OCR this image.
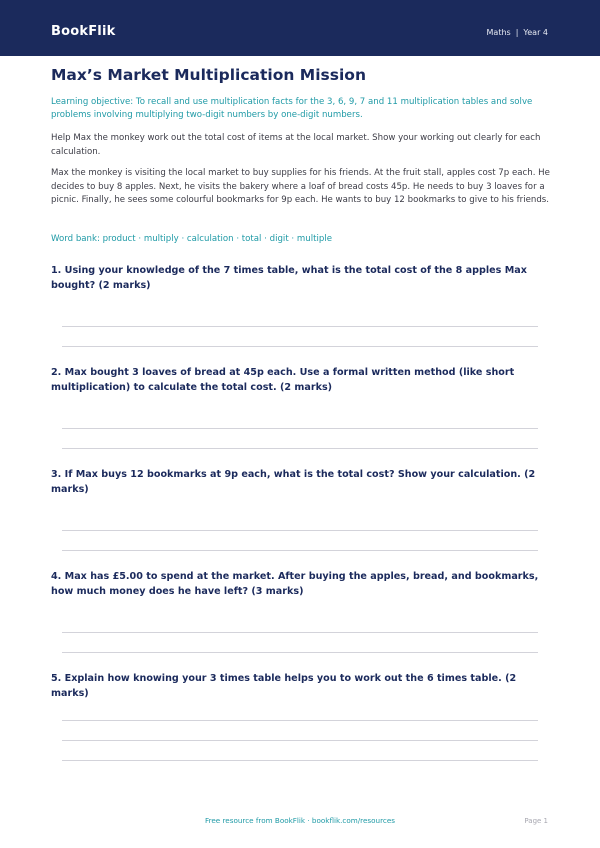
BookFlik	Maths | Year 4
Max’s Market Multiplication Mission

Learning objective: To recall and use multiplication facts for the 3, 6, 9, 7 and 11 multiplication tables and solve problems involving multiplying two-digit numbers by one-digit numbers.

Help Max the monkey work out the total cost of items at the local market. Show your working out clearly for each calculation.

Max the monkey is visiting the local market to buy supplies for his friends. At the fruit stall, apples cost 7p each. He decides to buy 8 apples. Next, he visits the bakery where a loaf of bread costs 45p. He needs to buy 3 loaves for a picnic. Finally, he sees some colourful bookmarks for 9p each. He wants to buy 12 bookmarks to give to his friends.

Word bank: product · multiply · calculation · total · digit · multiple

1. Using your knowledge of the 7 times table, what is the total cost of the 8 apples Max bought? (2 marks)

2. Max bought 3 loaves of bread at 45p each. Use a formal written method (like short multiplication) to calculate the total cost. (2 marks)

3. If Max buys 12 bookmarks at 9p each, what is the total cost? Show your calculation. (2 marks)

4. Max has £5.00 to spend at the market. After buying the apples, bread, and bookmarks, how much money does he have left? (3 marks)

5. Explain how knowing your 3 times table helps you to work out the 6 times table. (2 marks)

Free resource from BookFlik · bookflik.com/resources	Page 1
